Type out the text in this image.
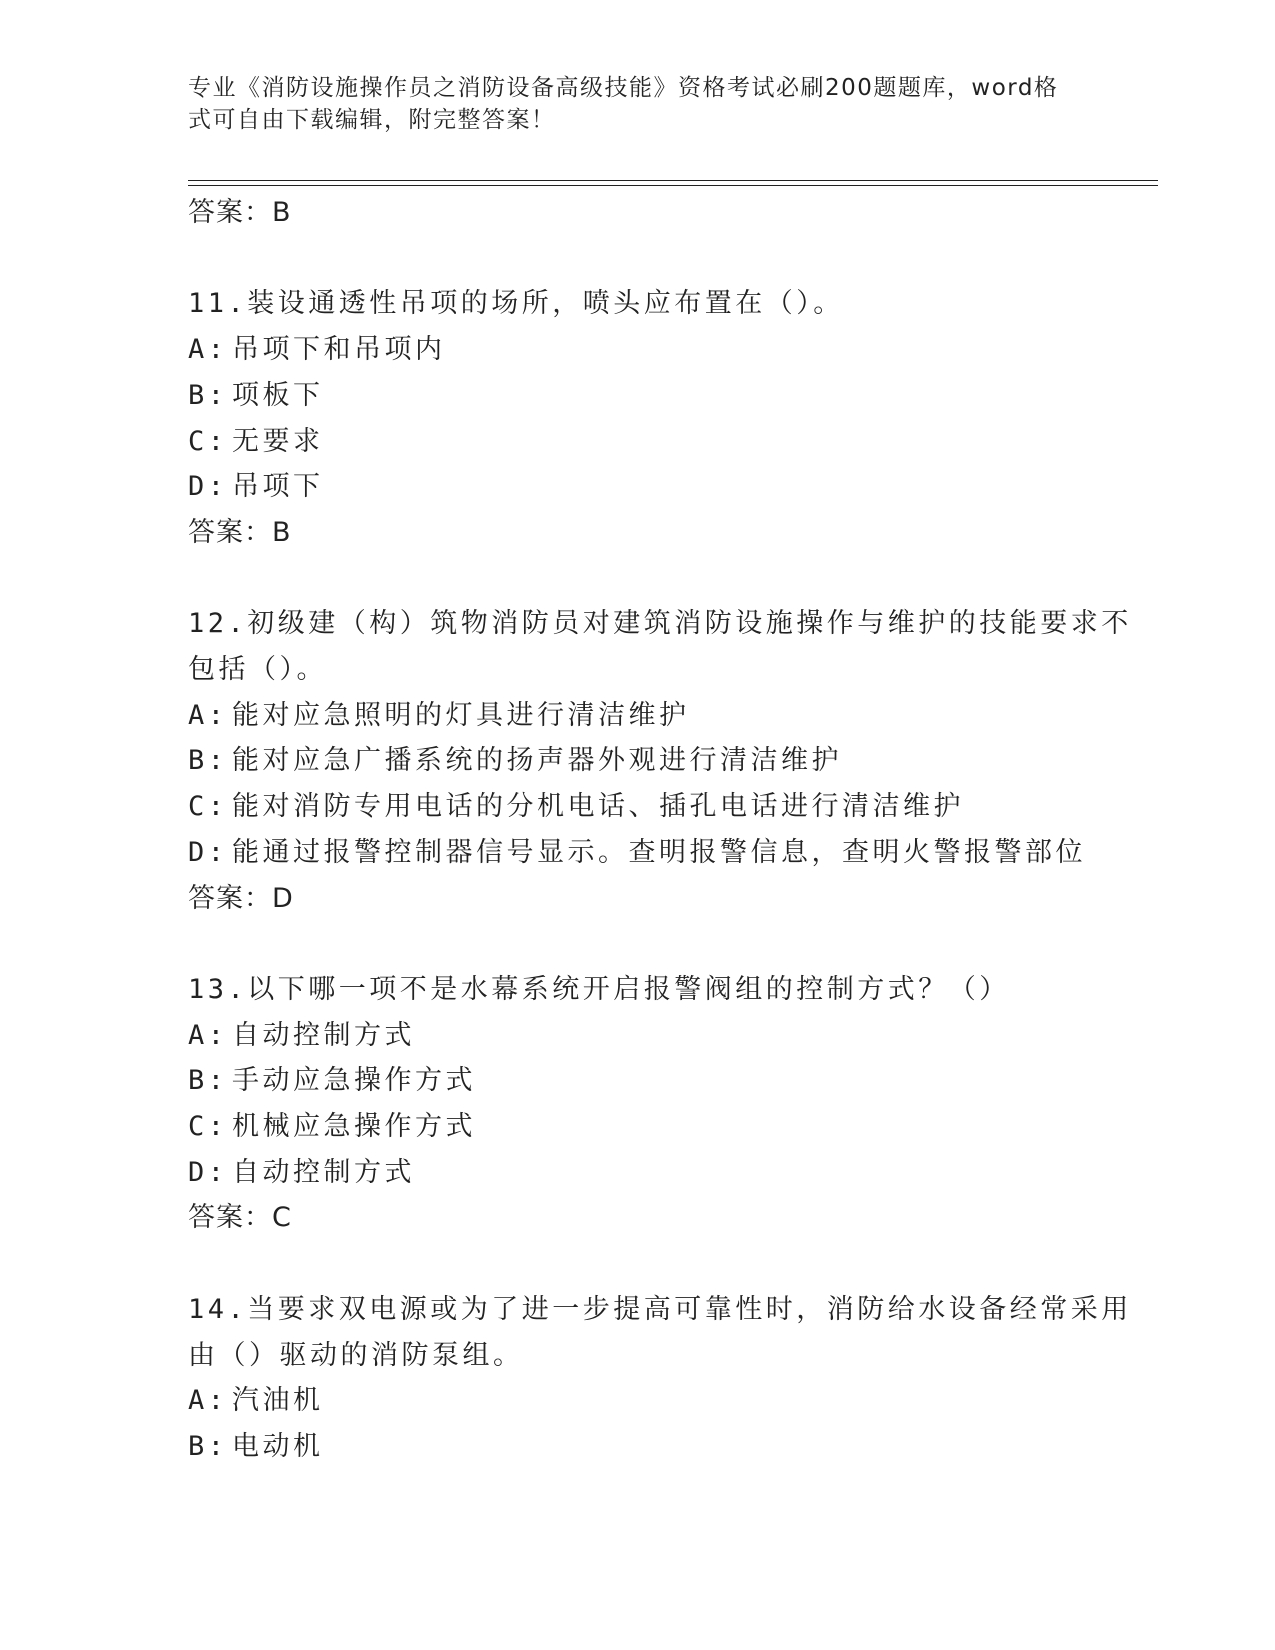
专业《消防设施操作员之消防设备高级技能》资格考试必刷200题题库，word格
式可自由下载编辑，附完整答案！
答案：B
11.装设通透性吊项的场所，喷头应布置在（）。
A: 吊项下和吊项内
B: 项板下
C: 无要求
D: 吊项下
答案：B
12.初级建（构）筑物消防员对建筑消防设施操作与维护的技能要求不
包括（）。
A: 能对应急照明的灯具进行清洁维护
B: 能对应急广播系统的扬声器外观进行清洁维护
C: 能对消防专用电话的分机电话、插孔电话进行清洁维护
D: 能通过报警控制器信号显示。查明报警信息，查明火警报警部位
答案：D
13.以下哪一项不是水幕系统开启报警阀组的控制方式？（）
A: 自动控制方式
B: 手动应急操作方式
C: 机械应急操作方式
D: 自动控制方式
答案：C
14.当要求双电源或为了进一步提高可靠性时，消防给水设备经常采用
由（）驱动的消防泵组。
A: 汽油机
B: 电动机
